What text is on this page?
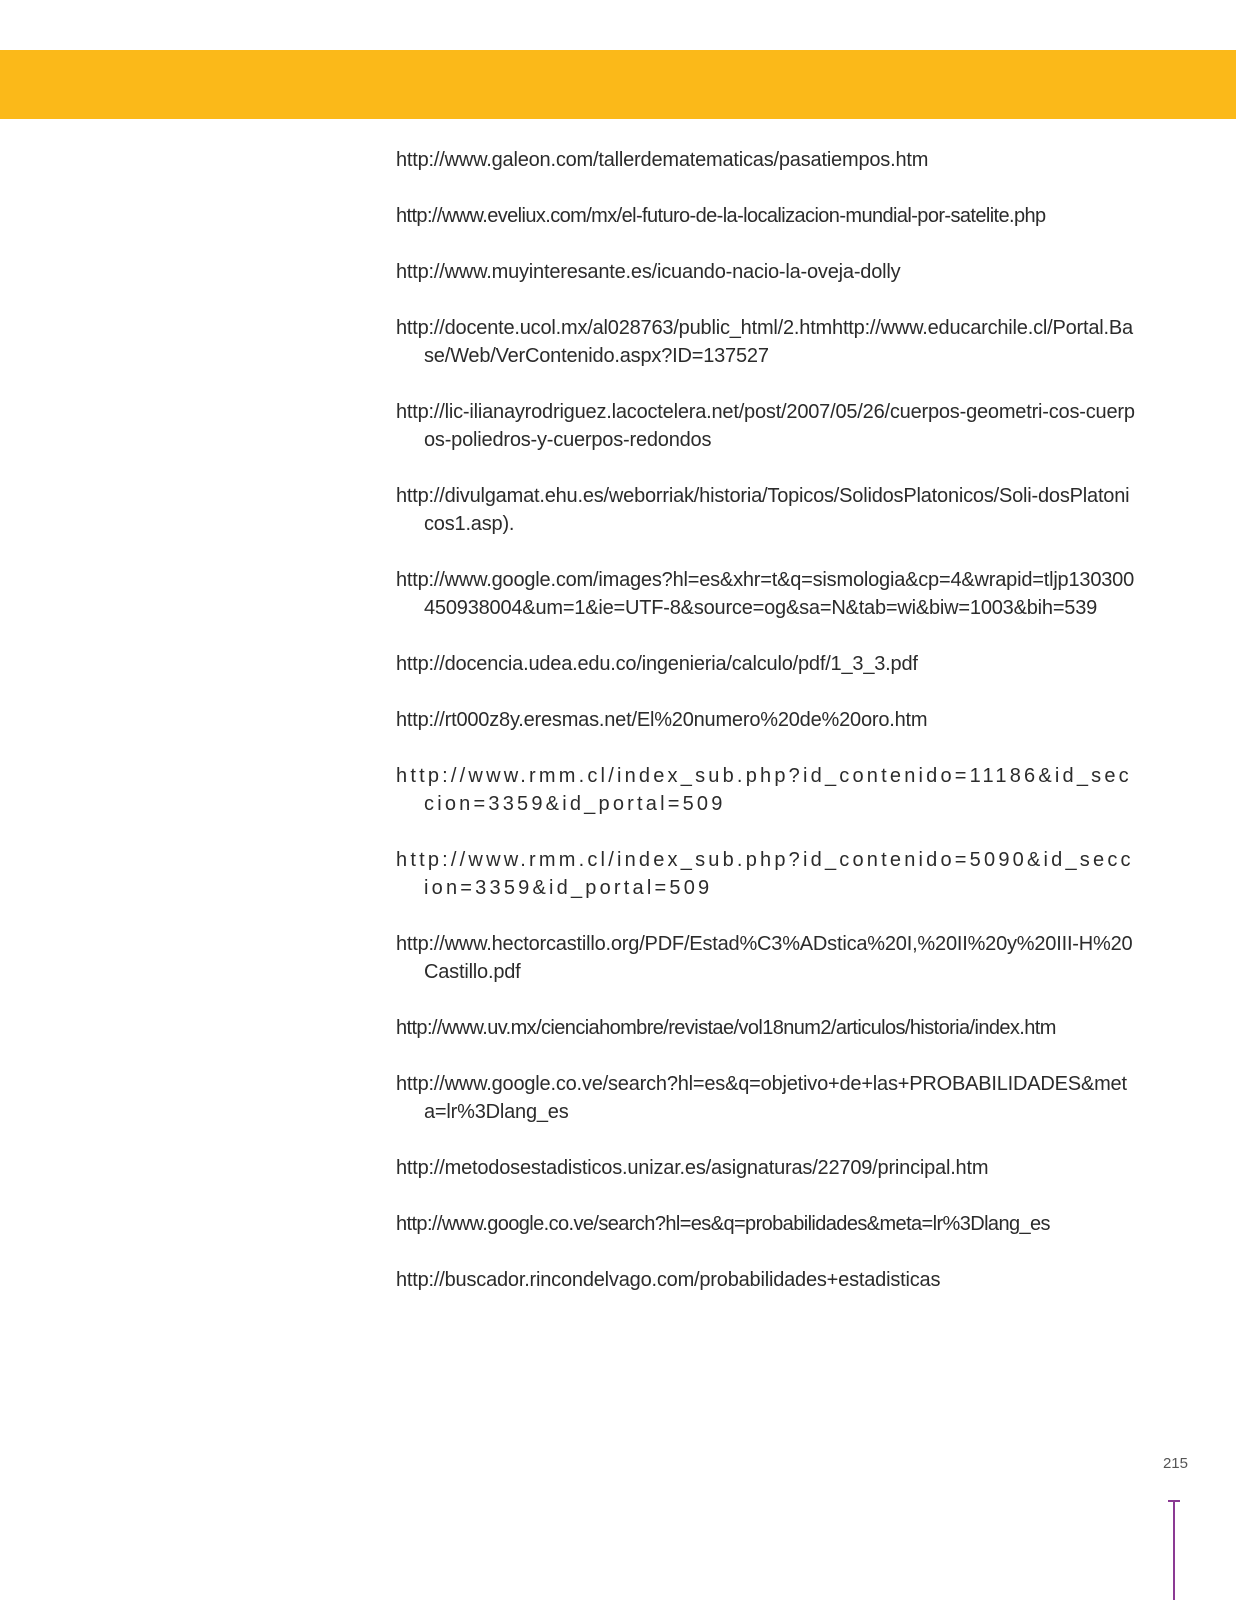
http://www.galeon.com/tallerdematematicas/pasatiempos.htm
http://www.eveliux.com/mx/el-futuro-de-la-localizacion-mundial-por-satelite.php
http://www.muyinteresante.es/icuando-nacio-la-oveja-dolly
http://docente.ucol.mx/al028763/public_html/2.htmhttp://www.educarchile.cl/Portal.Base/Web/VerContenido.aspx?ID=137527
http://lic-ilianayrodriguez.lacoctelera.net/post/2007/05/26/cuerpos-geometri-cos-cuerpos-poliedros-y-cuerpos-redondos
http://divulgamat.ehu.es/weborriak/historia/Topicos/SolidosPlatonicos/Soli-dosPlatonicos1.asp).
http://www.google.com/images?hl=es&xhr=t&q=sismologia&cp=4&wrapid=tljp130300450938004&um=1&ie=UTF-8&source=og&sa=N&tab=wi&biw=1003&bih=539
http://docencia.udea.edu.co/ingenieria/calculo/pdf/1_3_3.pdf
http://rt000z8y.eresmas.net/El%20numero%20de%20oro.htm
http://www.rmm.cl/index_sub.php?id_contenido=11186&id_seccion=3359&id_portal=509
http://www.rmm.cl/index_sub.php?id_contenido=5090&id_seccion=3359&id_portal=509
http://www.hectorcastillo.org/PDF/Estad%C3%ADstica%20I,%20II%20y%20III-H%20Castillo.pdf
http://www.uv.mx/cienciahombre/revistae/vol18num2/articulos/historia/index.htm
http://www.google.co.ve/search?hl=es&q=objetivo+de+las+PROBABILIDADES&meta=lr%3Dlang_es
http://metodosestadisticos.unizar.es/asignaturas/22709/principal.htm
http://www.google.co.ve/search?hl=es&q=probabilidades&meta=lr%3Dlang_es
http://buscador.rincondelvago.com/probabilidades+estadisticas
215
